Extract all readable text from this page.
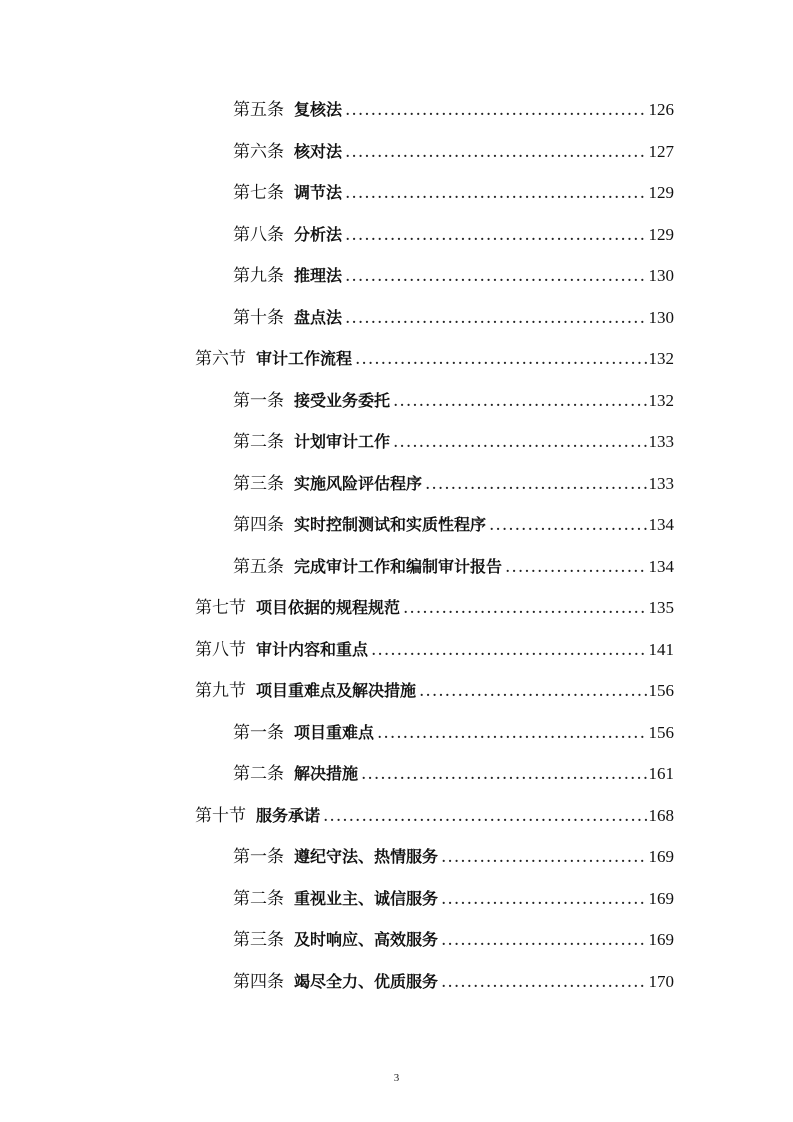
第五条 复核法 .....	126
第六条 核对法 .....	127
第七条 调节法 .....	129
第八条 分析法 .....	129
第九条 推理法 .....	130
第十条 盘点法 .....	130
第六节 审计工作流程 .....	132
第一条 接受业务委托 .....	132
第二条 计划审计工作 .....	133
第三条 实施风险评估程序 .....	133
第四条 实时控制测试和实质性程序 .....	134
第五条 完成审计工作和编制审计报告 .....	134
第七节 项目依据的规程规范 .....	135
第八节 审计内容和重点 .....	141
第九节 项目重难点及解决措施 .....	156
第一条 项目重难点 .....	156
第二条 解决措施 .....	161
第十节 服务承诺 .....	168
第一条 遵纪守法、热情服务 .....	169
第二条 重视业主、诚信服务 .....	169
第三条 及时响应、高效服务 .....	169
第四条 竭尽全力、优质服务 .....	170
3
